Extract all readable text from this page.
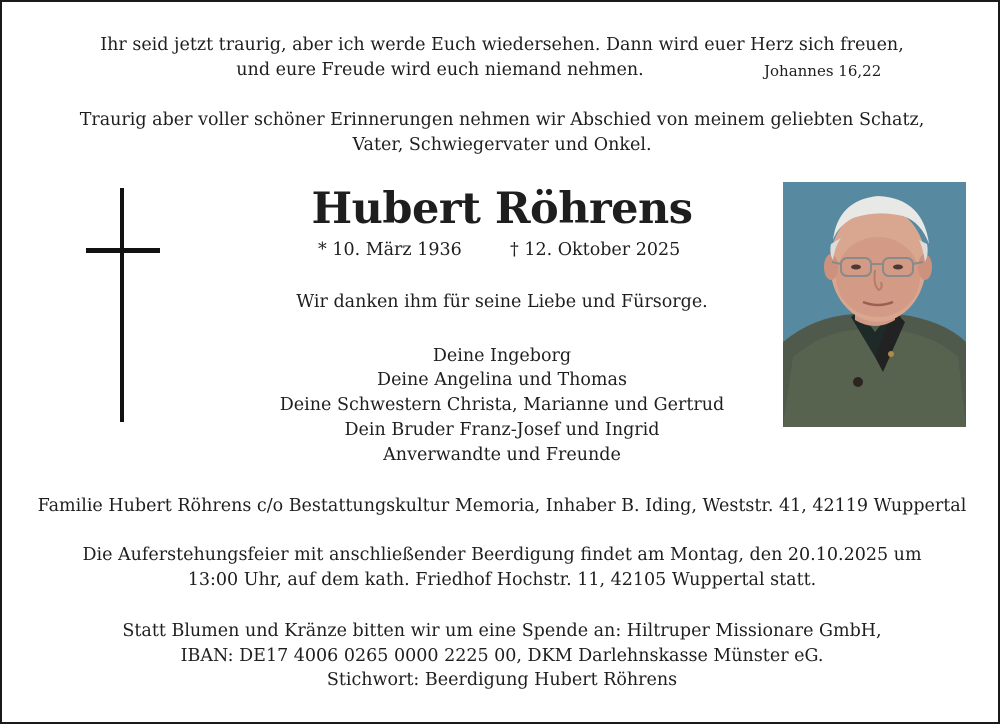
Ihr seid jetzt traurig, aber ich werde Euch wiedersehen. Dann wird euer Herz sich freuen,
und eure Freude wird euch niemand nehmen.	Johannes 16,22
Traurig aber voller schöner Erinnerungen nehmen wir Abschied von meinem geliebten Schatz,
Vater, Schwiegervater und Onkel.
Hubert Röhrens
* 10. März 1936	† 12. Oktober 2025
Wir danken ihm für seine Liebe und Fürsorge.
Deine Ingeborg
Deine Angelina und Thomas
Deine Schwestern Christa, Marianne und Gertrud
Dein Bruder Franz-Josef und Ingrid
Anverwandte und Freunde
Familie Hubert Röhrens c/o Bestattungskultur Memoria, Inhaber B. Iding, Weststr. 41, 42119 Wuppertal
Die Auferstehungsfeier mit anschließender Beerdigung findet am Montag, den 20.10.2025 um
13:00 Uhr, auf dem kath. Friedhof Hochstr. 11, 42105 Wuppertal statt.
Statt Blumen und Kränze bitten wir um eine Spende an: Hiltruper Missionare GmbH,
IBAN: DE17 4006 0265 0000 2225 00, DKM Darlehnskasse Münster eG.
Stichwort: Beerdigung Hubert Röhrens
